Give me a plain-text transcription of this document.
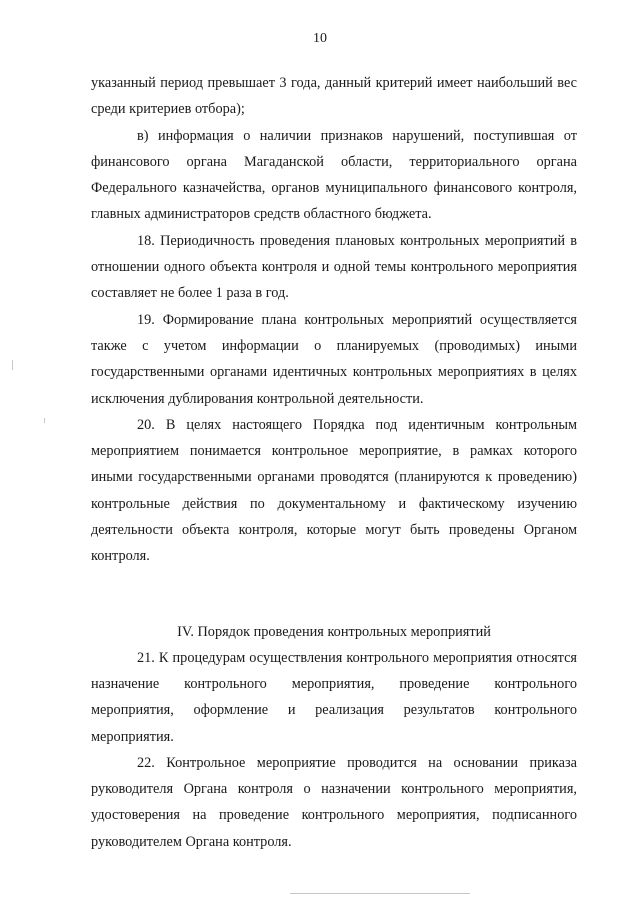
10

указанный период превышает 3 года, данный критерий имеет наибольший вес среди критериев отбора);

в) информация о наличии признаков нарушений, поступившая от финансового органа Магаданской области, территориального органа Федерального казначейства, органов муниципального финансового контроля, главных администраторов средств областного бюджета.

18. Периодичность проведения плановых контрольных мероприятий в отношении одного объекта контроля и одной темы контрольного мероприятия составляет не более 1 раза в год.

19. Формирование плана контрольных мероприятий осуществляется также с учетом информации о планируемых (проводимых) иными государственными органами идентичных контрольных мероприятиях в целях исключения дублирования контрольной деятельности.

20. В целях настоящего Порядка под идентичным контрольным мероприятием понимается контрольное мероприятие, в рамках которого иными государственными органами проводятся (планируются к проведению) контрольные действия по документальному и фактическому изучению деятельности объекта контроля, которые могут быть проведены Органом контроля.

IV. Порядок проведения контрольных мероприятий

21. К процедурам осуществления контрольного мероприятия относятся назначение контрольного мероприятия, проведение контрольного мероприятия, оформление и реализация результатов контрольного мероприятия.

22. Контрольное мероприятие проводится на основании приказа руководителя Органа контроля о назначении контрольного мероприятия, удостоверения на проведение контрольного мероприятия, подписанного руководителем Органа контроля.
